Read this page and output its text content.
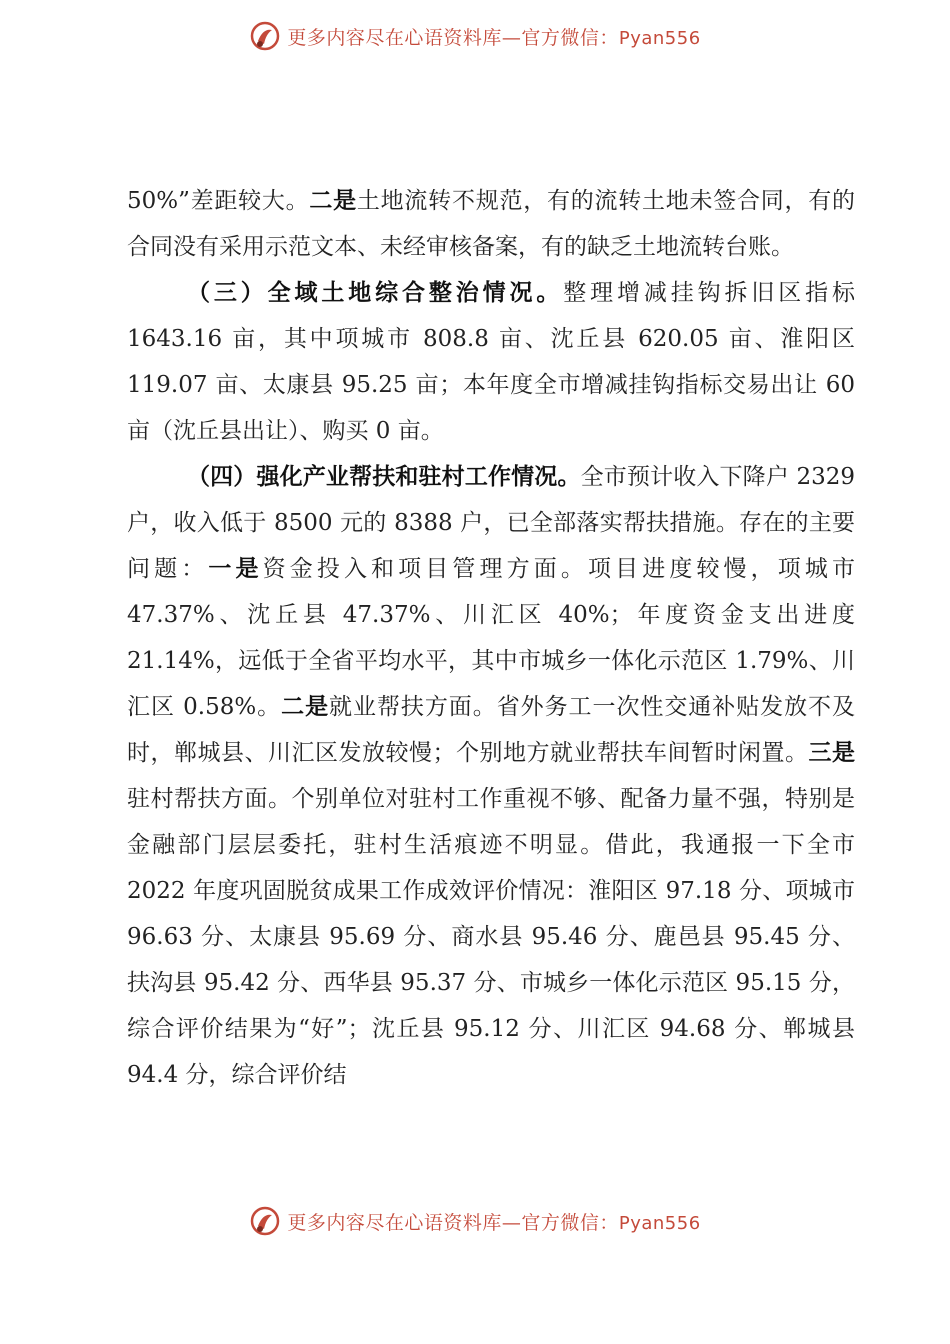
更多内容尽在心语资料库—官方微信：Pyan556

50%”差距较大。二是土地流转不规范，有的流转土地未签合同，有的合同没有采用示范文本、未经审核备案，有的缺乏土地流转台账。

（三）全域土地综合整治情况。整理增减挂钩拆旧区指标 1643.16 亩，其中项城市 808.8 亩、沈丘县 620.05 亩、淮阳区 119.07 亩、太康县 95.25 亩；本年度全市增减挂钩指标交易出让 60 亩（沈丘县出让）、购买 0 亩。

（四）强化产业帮扶和驻村工作情况。全市预计收入下降户 2329 户，收入低于 8500 元的 8388 户，已全部落实帮扶措施。存在的主要问题：一是资金投入和项目管理方面。项目进度较慢，项城市 47.37%、沈丘县 47.37%、川汇区 40%；年度资金支出进度 21.14%，远低于全省平均水平，其中市城乡一体化示范区 1.79%、川汇区 0.58%。二是就业帮扶方面。省外务工一次性交通补贴发放不及时，郸城县、川汇区发放较慢；个别地方就业帮扶车间暂时闲置。三是驻村帮扶方面。个别单位对驻村工作重视不够、配备力量不强，特别是金融部门层层委托，驻村生活痕迹不明显。借此，我通报一下全市 2022 年度巩固脱贫成果工作成效评价情况：淮阳区 97.18 分、项城市 96.63 分、太康县 95.69 分、商水县 95.46 分、鹿邑县 95.45 分、扶沟县 95.42 分、西华县 95.37 分、市城乡一体化示范区 95.15 分，综合评价结果为“好”；沈丘县 95.12 分、川汇区 94.68 分、郸城县 94.4 分，综合评价结

更多内容尽在心语资料库—官方微信：Pyan556
